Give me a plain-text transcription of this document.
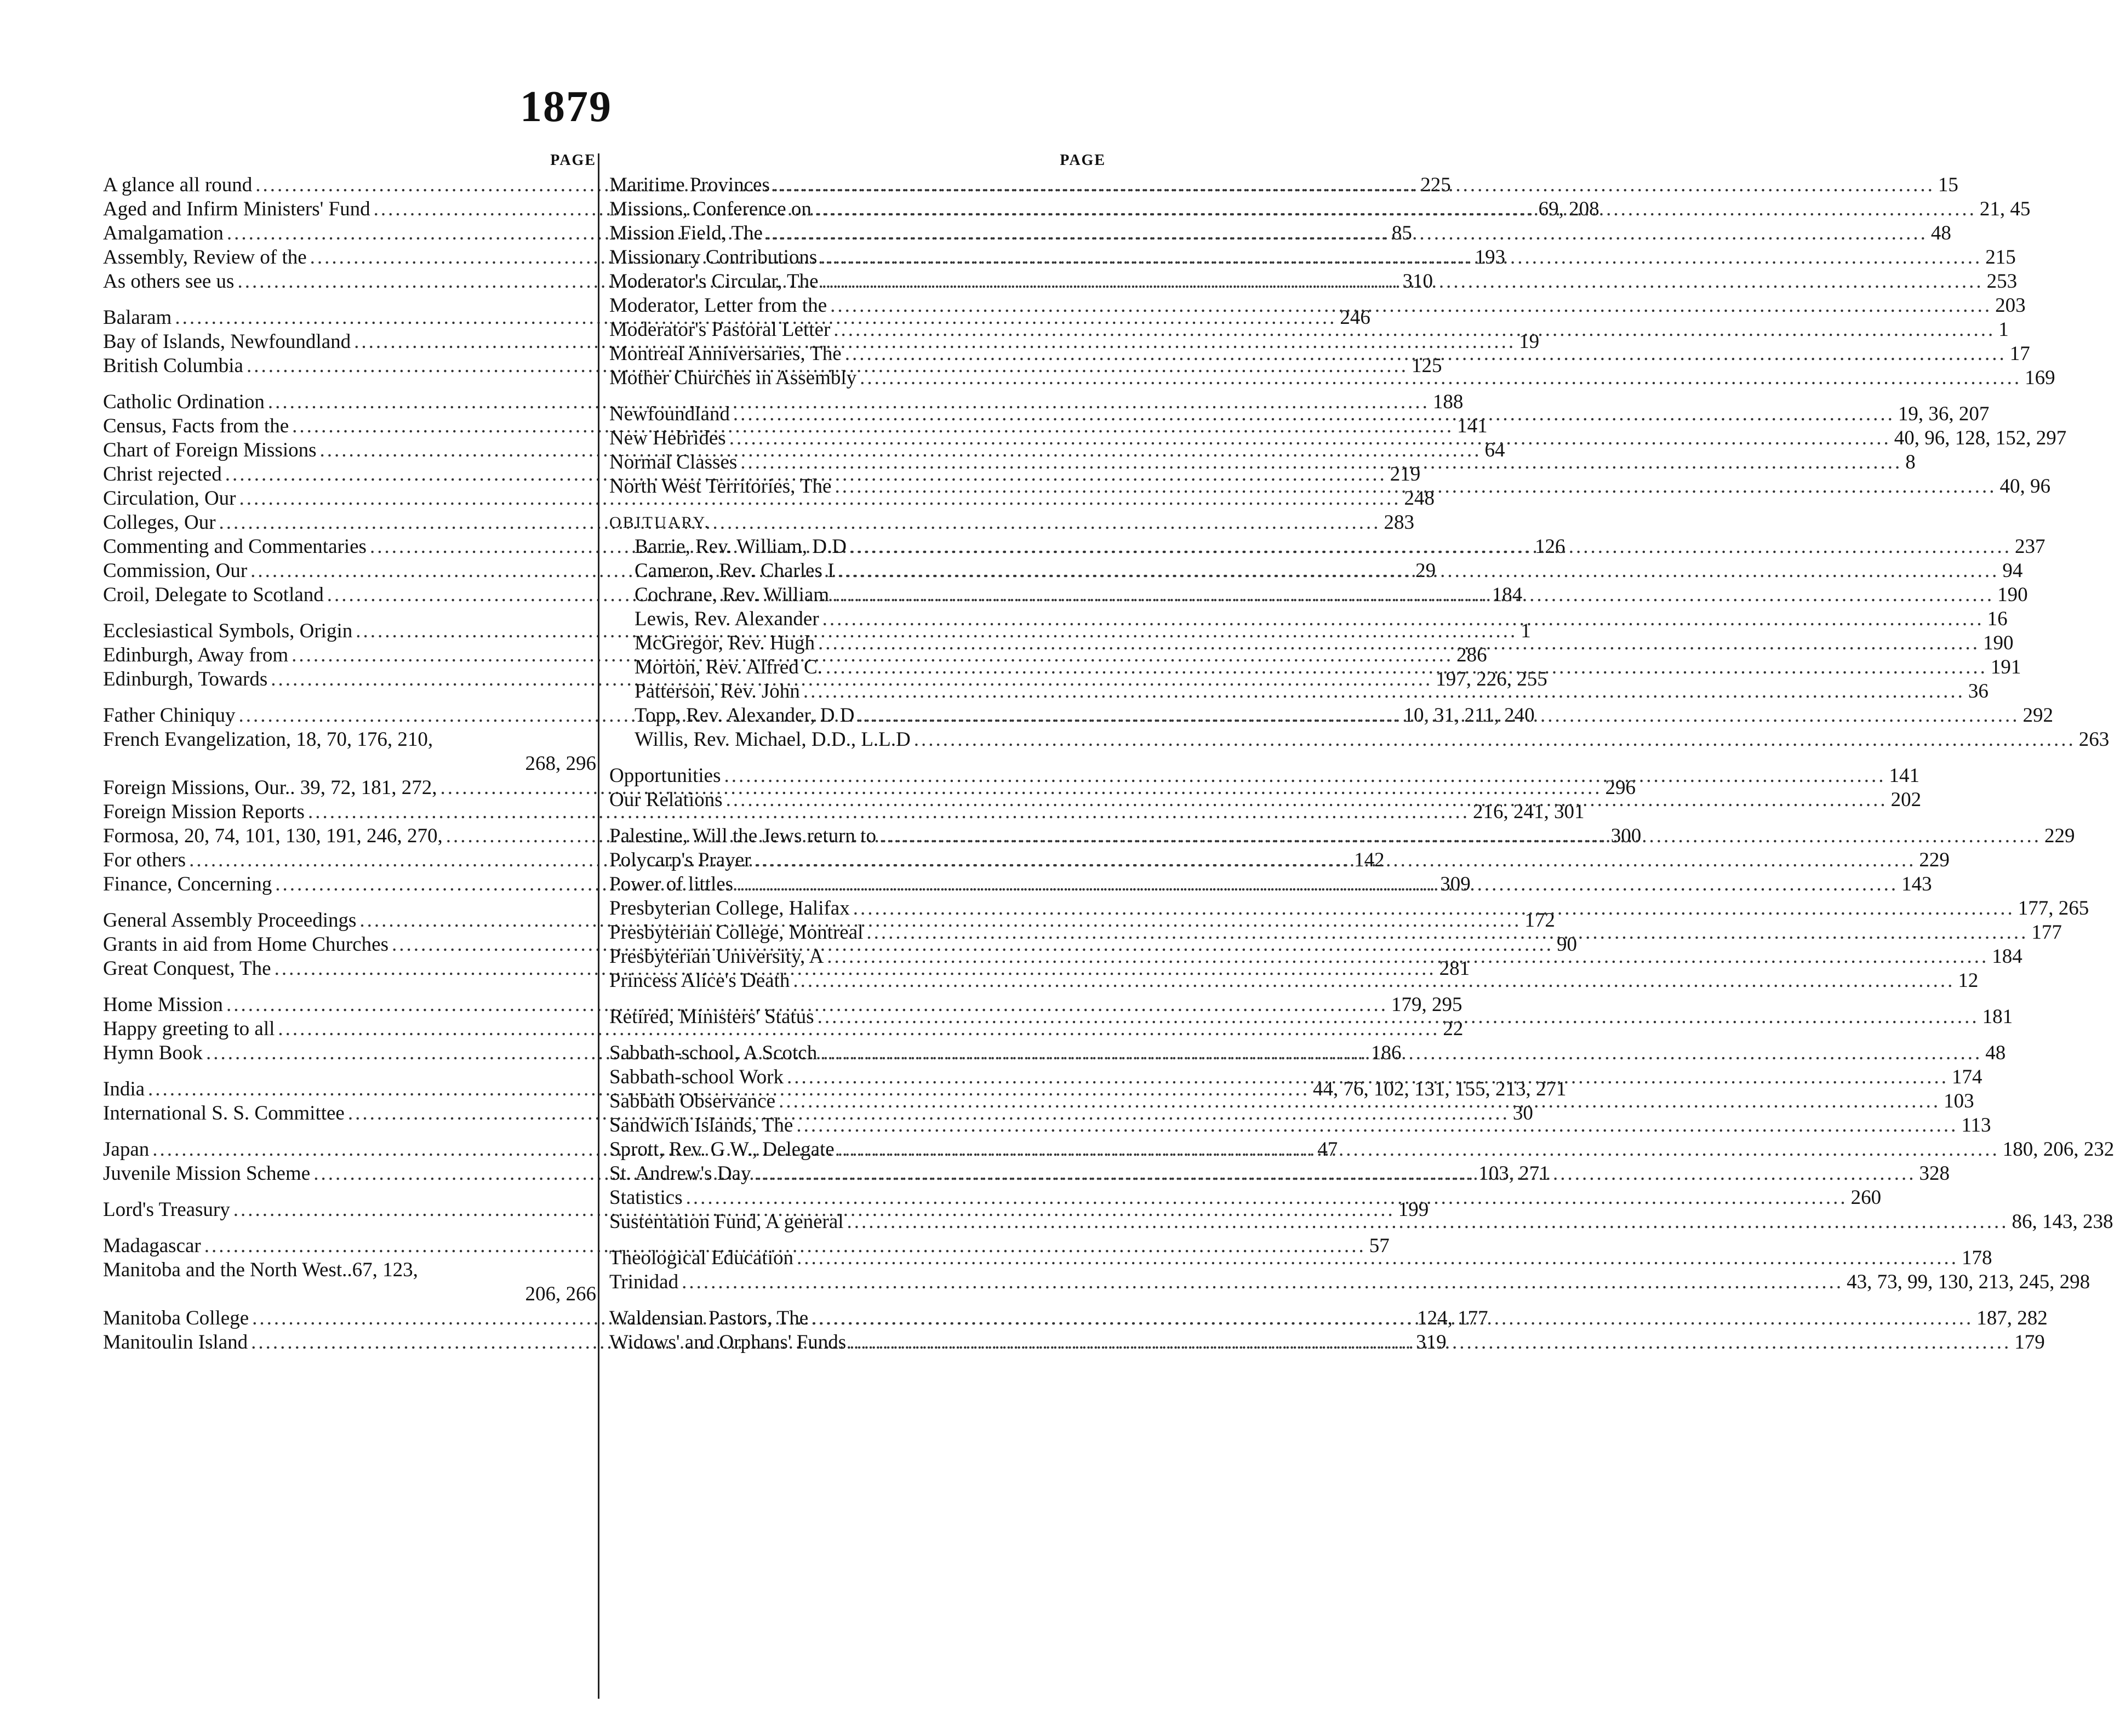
1879
PAGE
A glance all round .....	225
Aged and Infirm Ministers' Fund .....	69, 208
Amalgamation .....	85
Assembly, Review of the .....	193
As others see us .....	310
Balaram .....	246
Bay of Islands, Newfoundland .....	19
British Columbia .....	125
Catholic Ordination .....	188
Census, Facts from the .....	141
Chart of Foreign Missions .....	64
Christ rejected .....	219
Circulation, Our .....	248
Colleges, Our .....	283
Commenting and Commentaries .....	126
Commission, Our .....	29
Croil, Delegate to Scotland .....	184
Ecclesiastical Symbols, Origin .....	1
Edinburgh, Away from .....	286
Edinburgh, Towards .....	197, 226, 255
Father Chiniquy .....	10, 31, 211, 240
French Evangelization, 18, 70, 176, 210,
268, 296
Foreign Missions, Our.. 39, 72, 181, 272, .....	296
Foreign Mission Reports .....	216, 241, 301
Formosa, 20, 74, 101, 130, 191, 246, 270, .....	300
For others .....	142
Finance, Concerning .....	309
General Assembly Proceedings .....	172
Grants in aid from Home Churches .....	90
Great Conquest, The .....	281
Home Mission .....	179, 295
Happy greeting to all .....	22
Hymn Book .....	186
India .....	44, 76, 102, 131, 155, 213, 271
International S. S. Committee .....	30
Japan .....	47
Juvenile Mission Scheme .....	103, 271
Lord's Treasury .....	199
Madagascar .....	57
Manitoba and the North West..67, 123,
206, 266
Manitoba College .....	124, 177
Manitoulin Island .....	319
PAGE
Maritime Provinces .....	15
Missions, Conference on .....	21, 45
Mission Field, The .....	48
Missionary Contributions .....	215
Moderator's Circular, The .....	253
Moderator, Letter from the .....	203
Moderator's Pastoral Letter .....	1
Montreal Anniversaries, The .....	17
Mother Churches in Assembly .....	169
Newfoundland .....	19, 36, 207
New Hebrides .....	40, 96, 128, 152, 297
Normal Classes .....	8
North West Territories, The .....	40, 96
OBITUARY.
Barrie, Rev. William, D.D .....	237
Cameron, Rev. Charles I .....	94
Cochrane, Rev. William .....	190
Lewis, Rev. Alexander .....	16
McGregor, Rev. Hugh .....	190
Morton, Rev. Alfred C. .....	191
Patterson, Rev. John .....	36
Topp, Rev. Alexander, D D .....	292
Willis, Rev. Michael, D.D., L.L.D .....	263
Opportunities .....	141
Our Relations .....	202
Palestine, Will the Jews return to .....	229
Polycarp's Prayer .....	229
Power of littles .....	143
Presbyterian College, Halifax .....	177, 265
Presbyterian College, Montreal .....	177
Presbyterian University, A .....	184
Princess Alice's Death .....	12
Retired, Ministers' Status .....	181
Sabbath-school, A Scotch .....	48
Sabbath-school Work .....	174
Sabbath Observance .....	103
Sandwich Islands, The .....	113
Sprott, Rev. G W., Delegate .....	180, 206, 232
St. Andrew's Day .....	328
Statistics .....	260
Sustentation Fund, A general .....	86, 143, 238
Theological Education .....	178
Trinidad .....	43, 73, 99, 130, 213, 245, 298
Waldensian Pastors, The .....	187, 282
Widows' and Orphans' Funds .....	179
